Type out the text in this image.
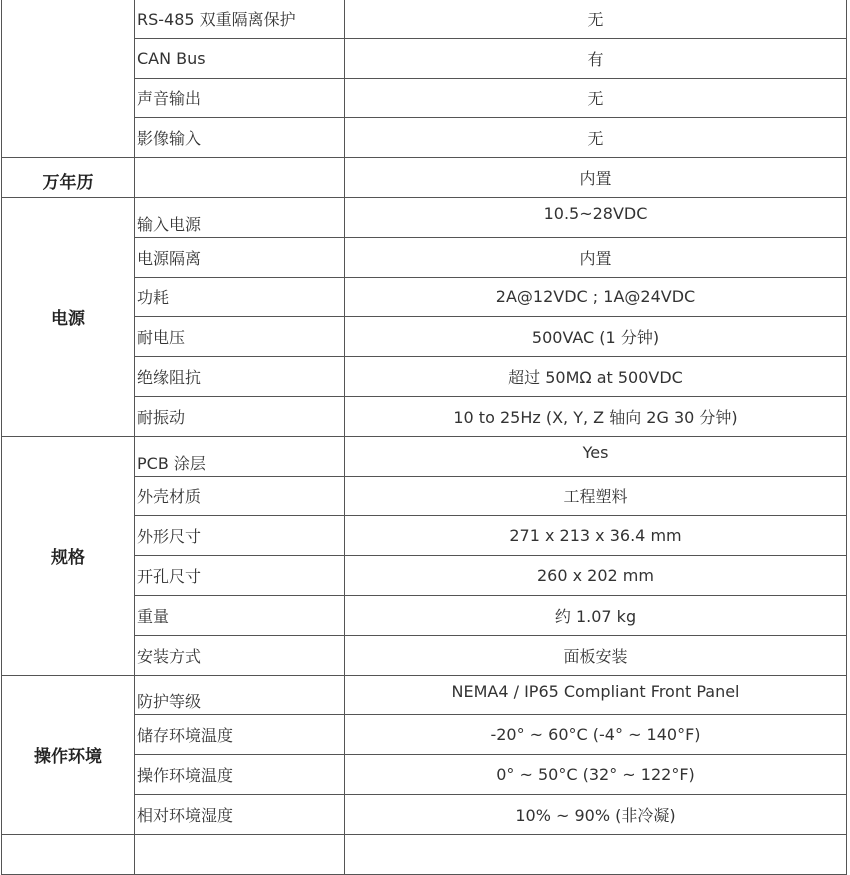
	RS-485 双重隔离保护	无
	CAN Bus	有
	声音输出	无
	影像输入	无

万年历		内置
电源	输入电源	10.5~28VDC
	电源隔离	内置
	功耗	2A@12VDC ; 1A@24VDC
	耐电压	500VAC (1 分钟)
	绝缘阻抗	超过 50MΩ at 500VDC
	耐振动	10 to 25Hz (X, Y, Z 轴向 2G 30 分钟)
规格	PCB 涂层	Yes
	外壳材质	工程塑料
	外形尺寸	271 x 213 x 36.4 mm
	开孔尺寸	260 x 202 mm
	重量	约 1.07 kg
	安装方式	面板安装
操作环境	防护等级	NEMA4 / IP65 Compliant Front Panel
	储存环境温度	-20° ~ 60°C (-4° ~ 140°F)
	操作环境温度	0° ~ 50°C (32° ~ 122°F)
	相对环境湿度	10% ~ 90% (非冷凝)
